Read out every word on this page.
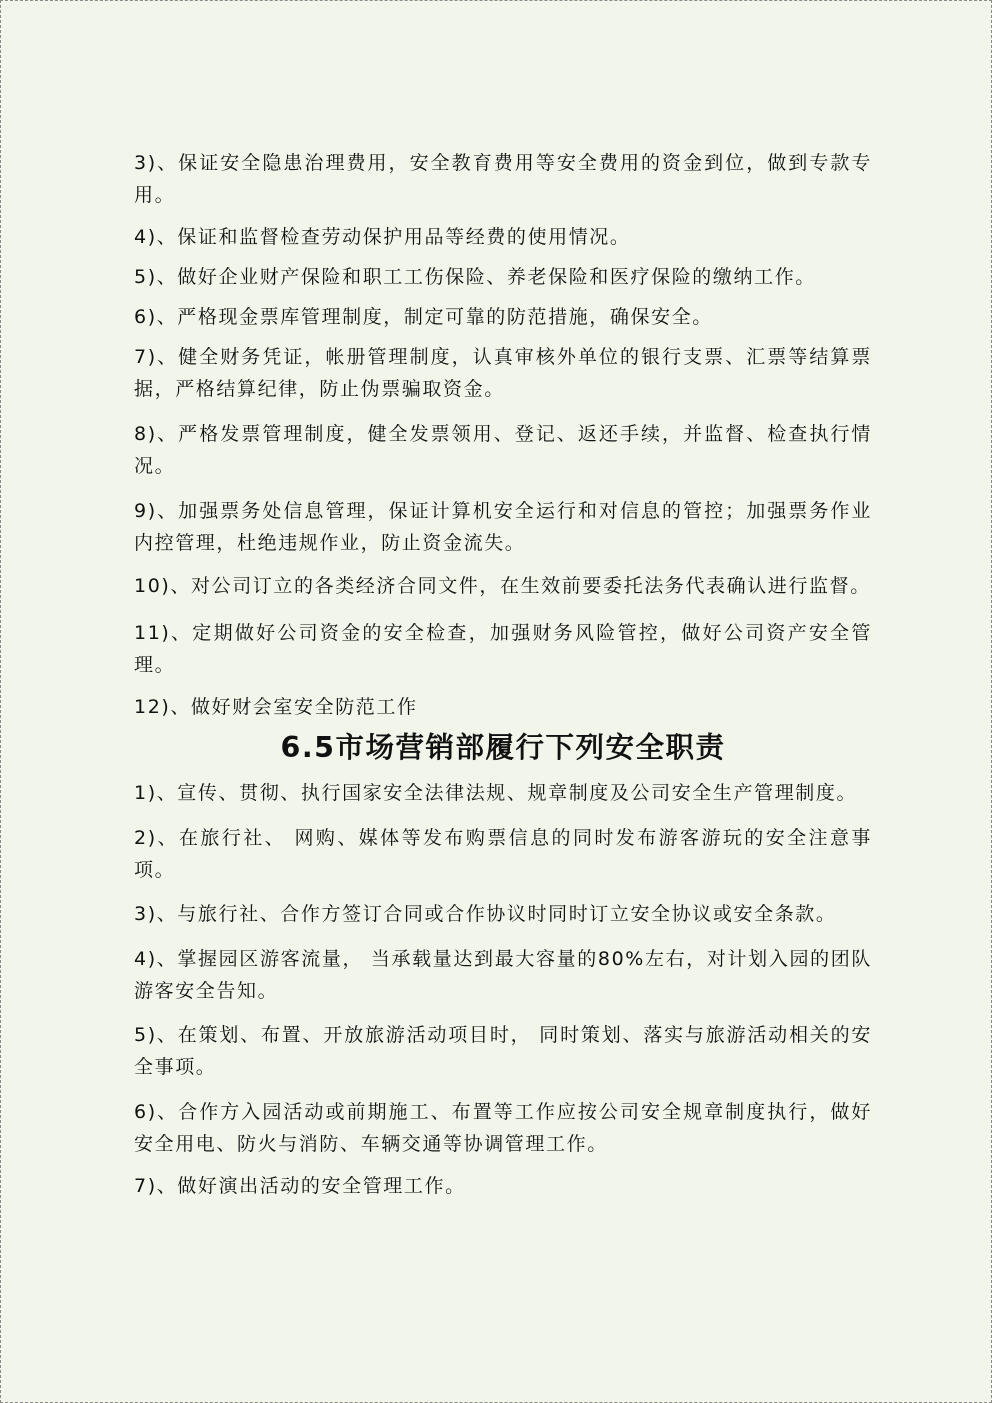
3)、保证安全隐患治理费用，安全教育费用等安全费用的资金到位，做到专款专用。

4)、保证和监督检查劳动保护用品等经费的使用情况。

5)、做好企业财产保险和职工工伤保险、养老保险和医疗保险的缴纳工作。

6)、严格现金票库管理制度，制定可靠的防范措施，确保安全。

7)、健全财务凭证，帐册管理制度，认真审核外单位的银行支票、汇票等结算票据，严格结算纪律，防止伪票骗取资金。

8)、严格发票管理制度，健全发票领用、登记、返还手续，并监督、检查执行情况。

9)、加强票务处信息管理，保证计算机安全运行和对信息的管控；加强票务作业内控管理，杜绝违规作业，防止资金流失。

10)、对公司订立的各类经济合同文件，在生效前要委托法务代表确认进行监督。

11)、定期做好公司资金的安全检查，加强财务风险管控，做好公司资产安全管理。

12)、做好财会室安全防范工作

6.5市场营销部履行下列安全职责

1)、宣传、贯彻、执行国家安全法律法规、规章制度及公司安全生产管理制度。

2)、在旅行社、 网购、媒体等发布购票信息的同时发布游客游玩的安全注意事项。

3)、与旅行社、合作方签订合同或合作协议时同时订立安全协议或安全条款。

4)、掌握园区游客流量， 当承载量达到最大容量的80%左右，对计划入园的团队游客安全告知。

5)、在策划、布置、开放旅游活动项目时， 同时策划、落实与旅游活动相关的安全事项。

6)、合作方入园活动或前期施工、布置等工作应按公司安全规章制度执行，做好安全用电、防火与消防、车辆交通等协调管理工作。

7)、做好演出活动的安全管理工作。
